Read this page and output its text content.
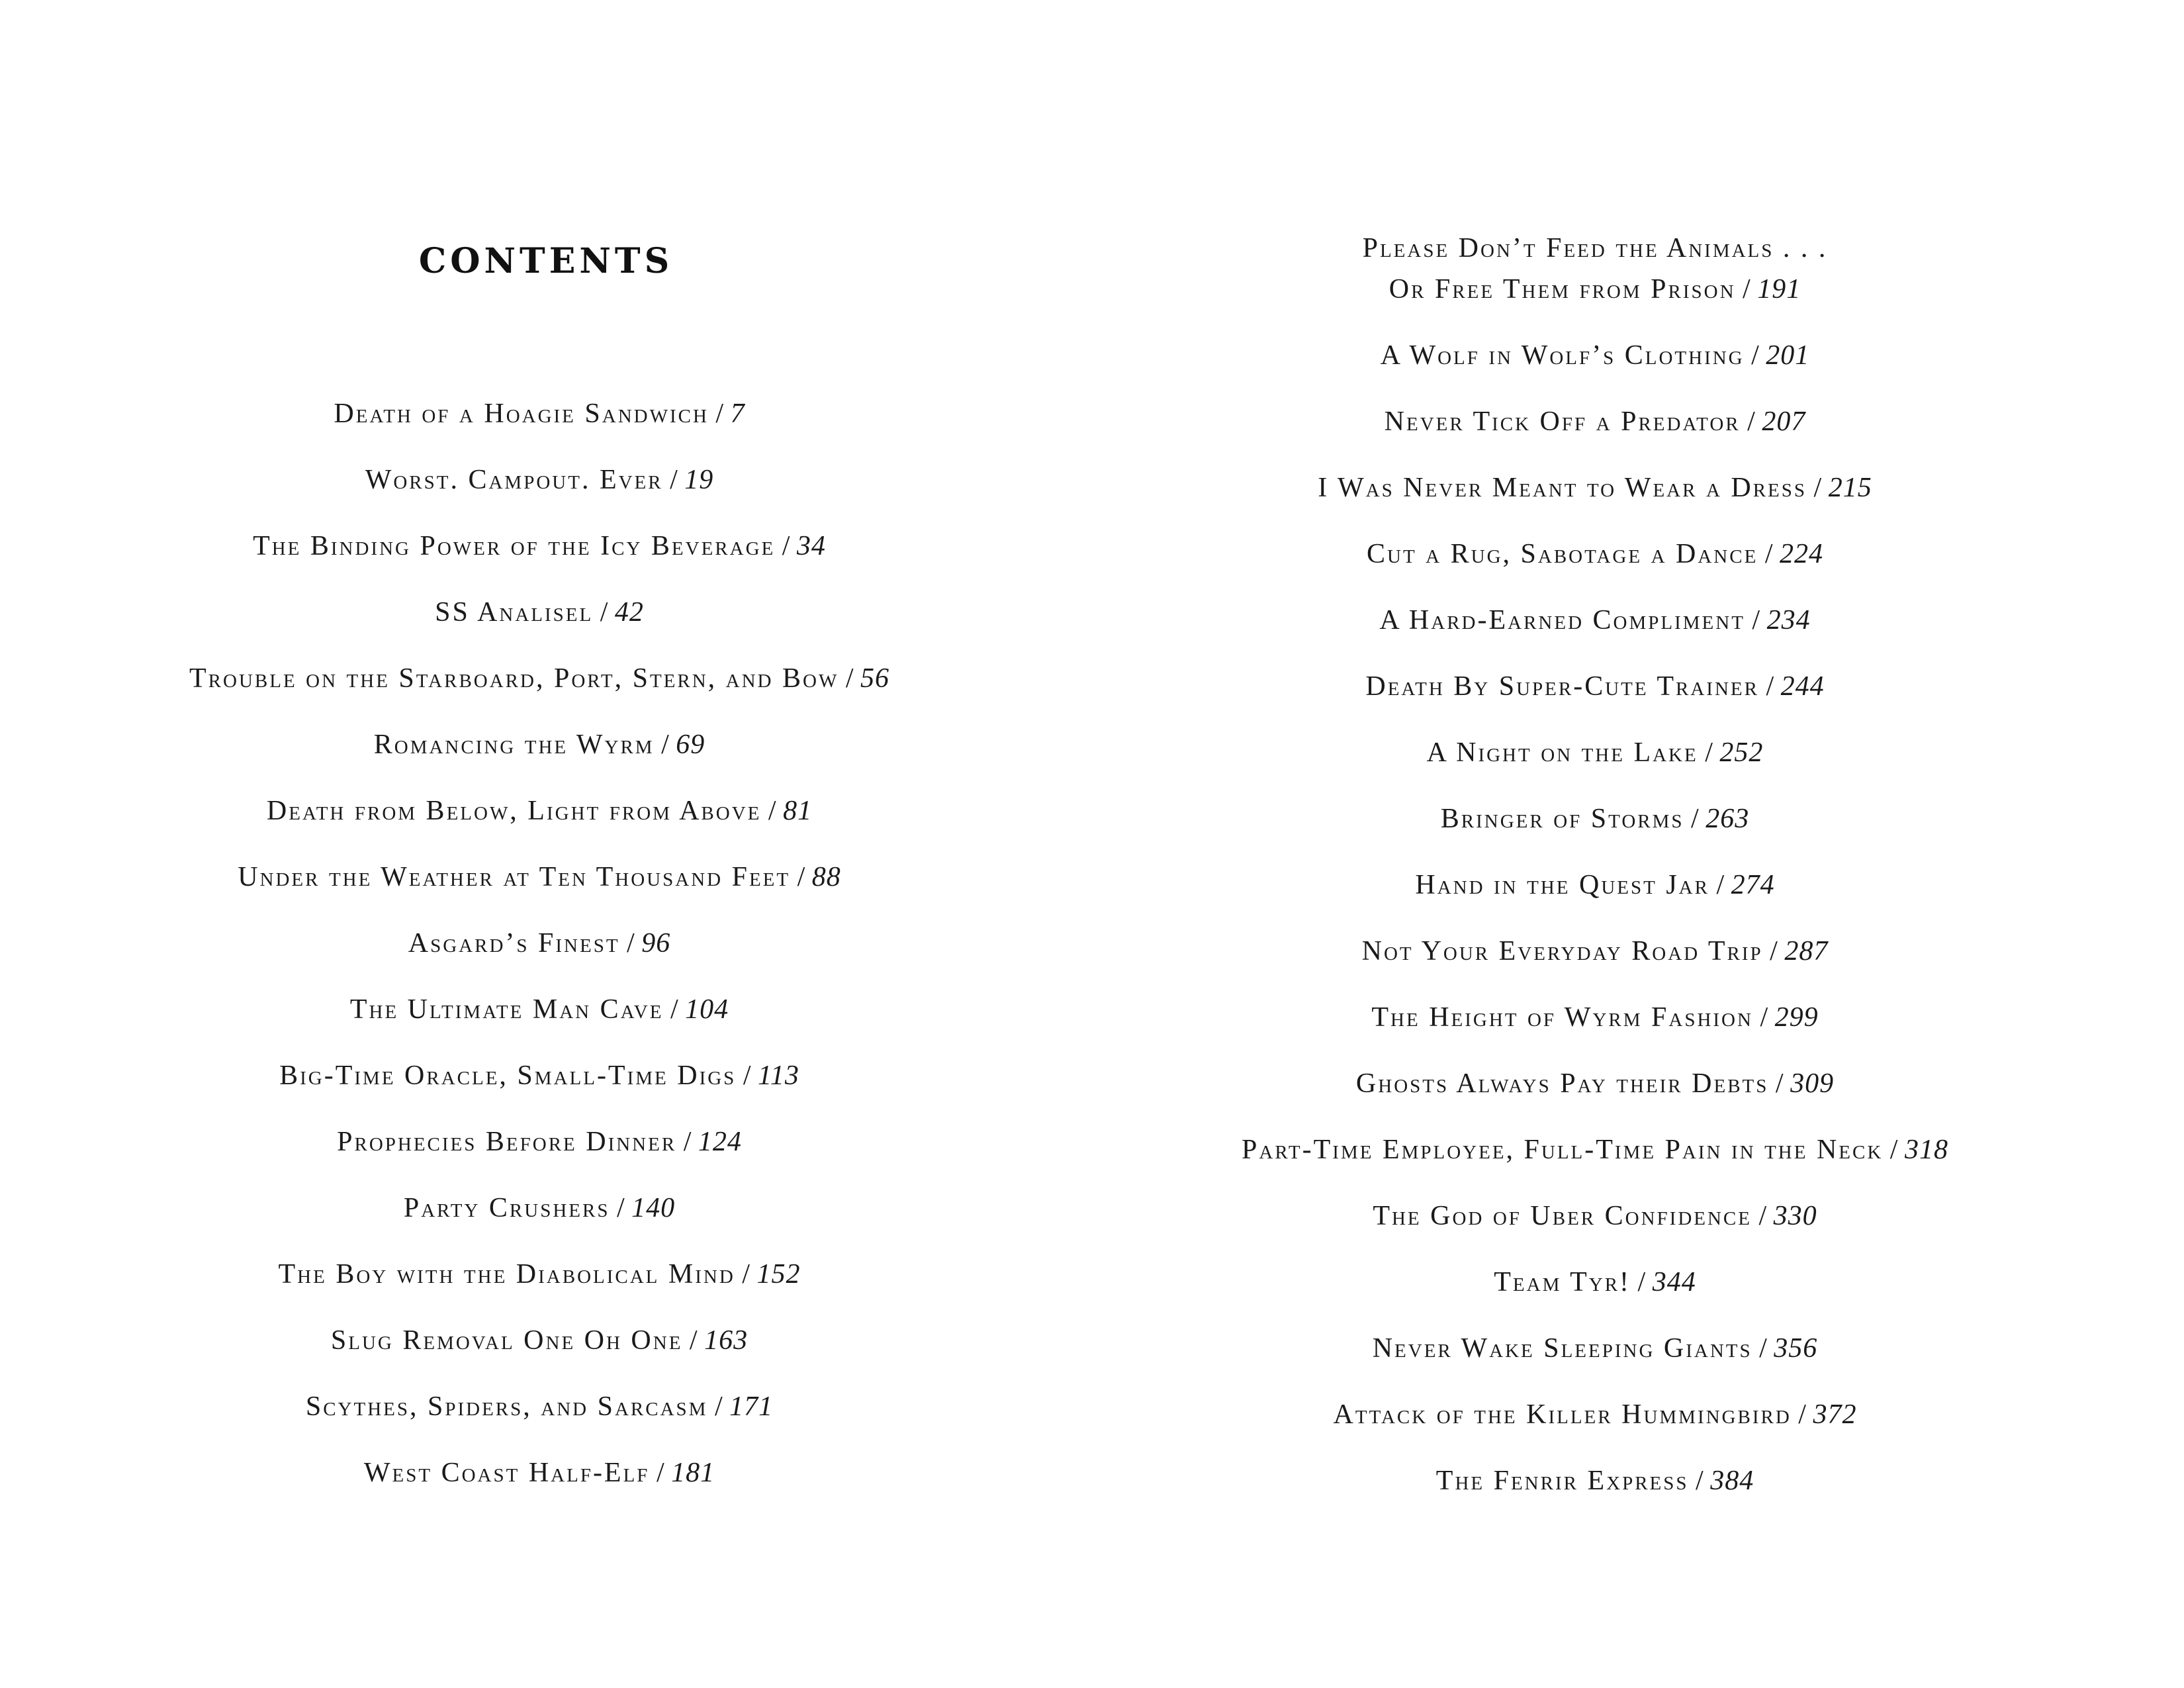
contents
Death of a Hoagie Sandwich / 7
Worst. Campout. Ever / 19
The Binding Power of the Icy Beverage / 34
SS Analisel / 42
Trouble on the Starboard, Port, Stern, and Bow / 56
Romancing the Wyrm / 69
Death from Below, Light from Above / 81
Under the Weather at Ten Thousand Feet / 88
Asgard’s Finest / 96
The Ultimate Man Cave / 104
Big-Time Oracle, Small-Time Digs / 113
Prophecies Before Dinner / 124
Party Crushers / 140
The Boy with the Diabolical Mind / 152
Slug Removal One Oh One / 163
Scythes, Spiders, and Sarcasm / 171
West Coast Half-Elf / 181
Please Don’t Feed the Animals . . .
Or Free Them from Prison / 191
A Wolf in Wolf’s Clothing / 201
Never Tick Off a Predator / 207
I Was Never Meant to Wear a Dress / 215
Cut a Rug, Sabotage a Dance / 224
A Hard-Earned Compliment / 234
Death By Super-Cute Trainer / 244
A Night on the Lake / 252
Bringer of Storms / 263
Hand in the Quest Jar / 274
Not Your Everyday Road Trip / 287
The Height of Wyrm Fashion / 299
Ghosts Always Pay their Debts / 309
Part-Time Employee, Full-Time Pain in the Neck / 318
The God of Uber Confidence / 330
Team Tyr! / 344
Never Wake Sleeping Giants / 356
Attack of the Killer Hummingbird / 372
The Fenrir Express / 384
